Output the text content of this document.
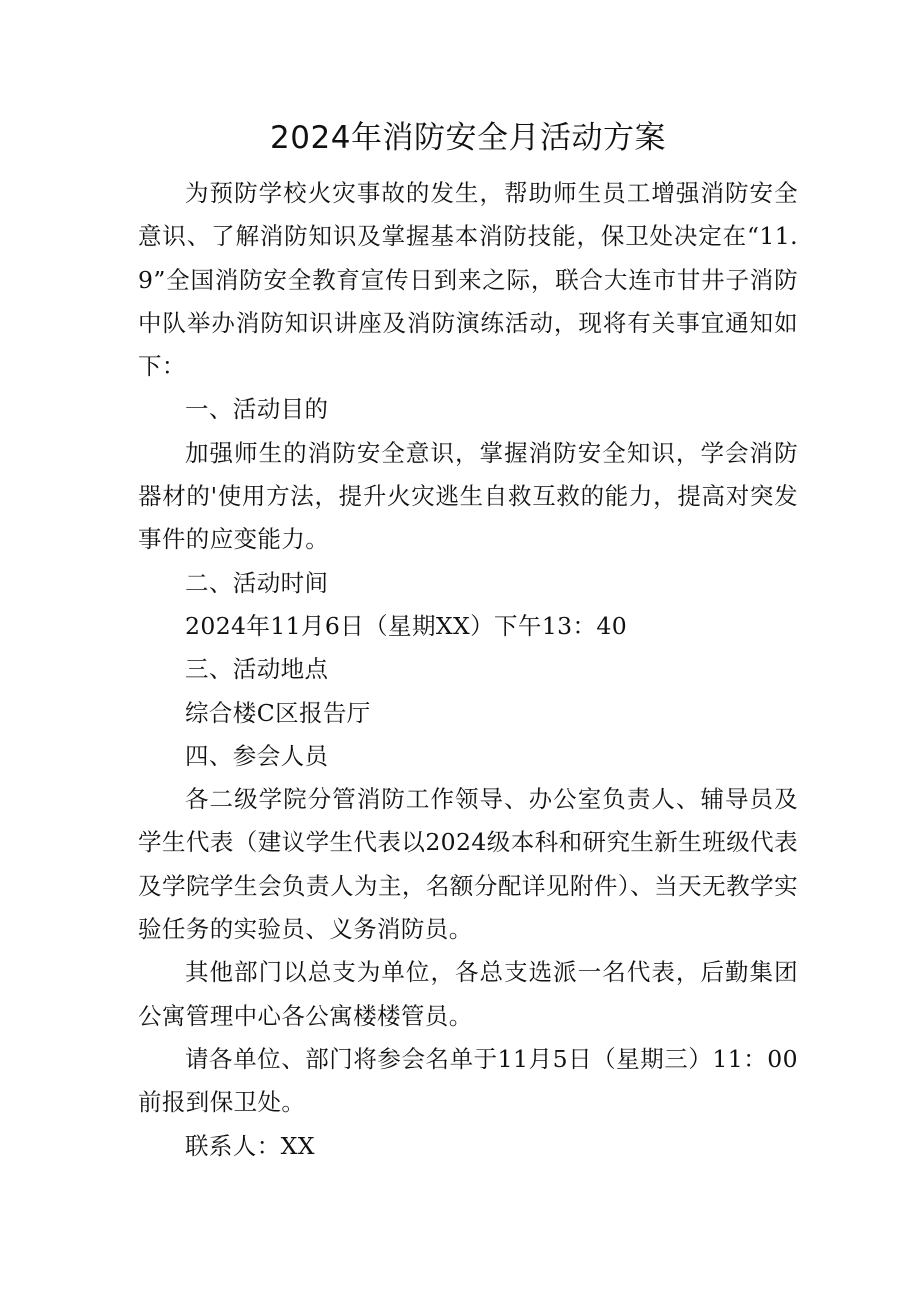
2024年消防安全月活动方案

为预防学校火灾事故的发生，帮助师生员工增强消防安全意识、了解消防知识及掌握基本消防技能，保卫处决定在“11.9”全国消防安全教育宣传日到来之际，联合大连市甘井子消防中队举办消防知识讲座及消防演练活动，现将有关事宜通知如下：

一、活动目的

加强师生的消防安全意识，掌握消防安全知识，学会消防器材的'使用方法，提升火灾逃生自救互救的能力，提高对突发事件的应变能力。

二、活动时间

2024年11月6日（星期XX）下午13：40

三、活动地点

综合楼C区报告厅

四、参会人员

各二级学院分管消防工作领导、办公室负责人、辅导员及学生代表（建议学生代表以2024级本科和研究生新生班级代表及学院学生会负责人为主，名额分配详见附件）、当天无教学实验任务的实验员、义务消防员。

其他部门以总支为单位，各总支选派一名代表，后勤集团公寓管理中心各公寓楼楼管员。

请各单位、部门将参会名单于11月5日（星期三）11：00前报到保卫处。

联系人：XX
